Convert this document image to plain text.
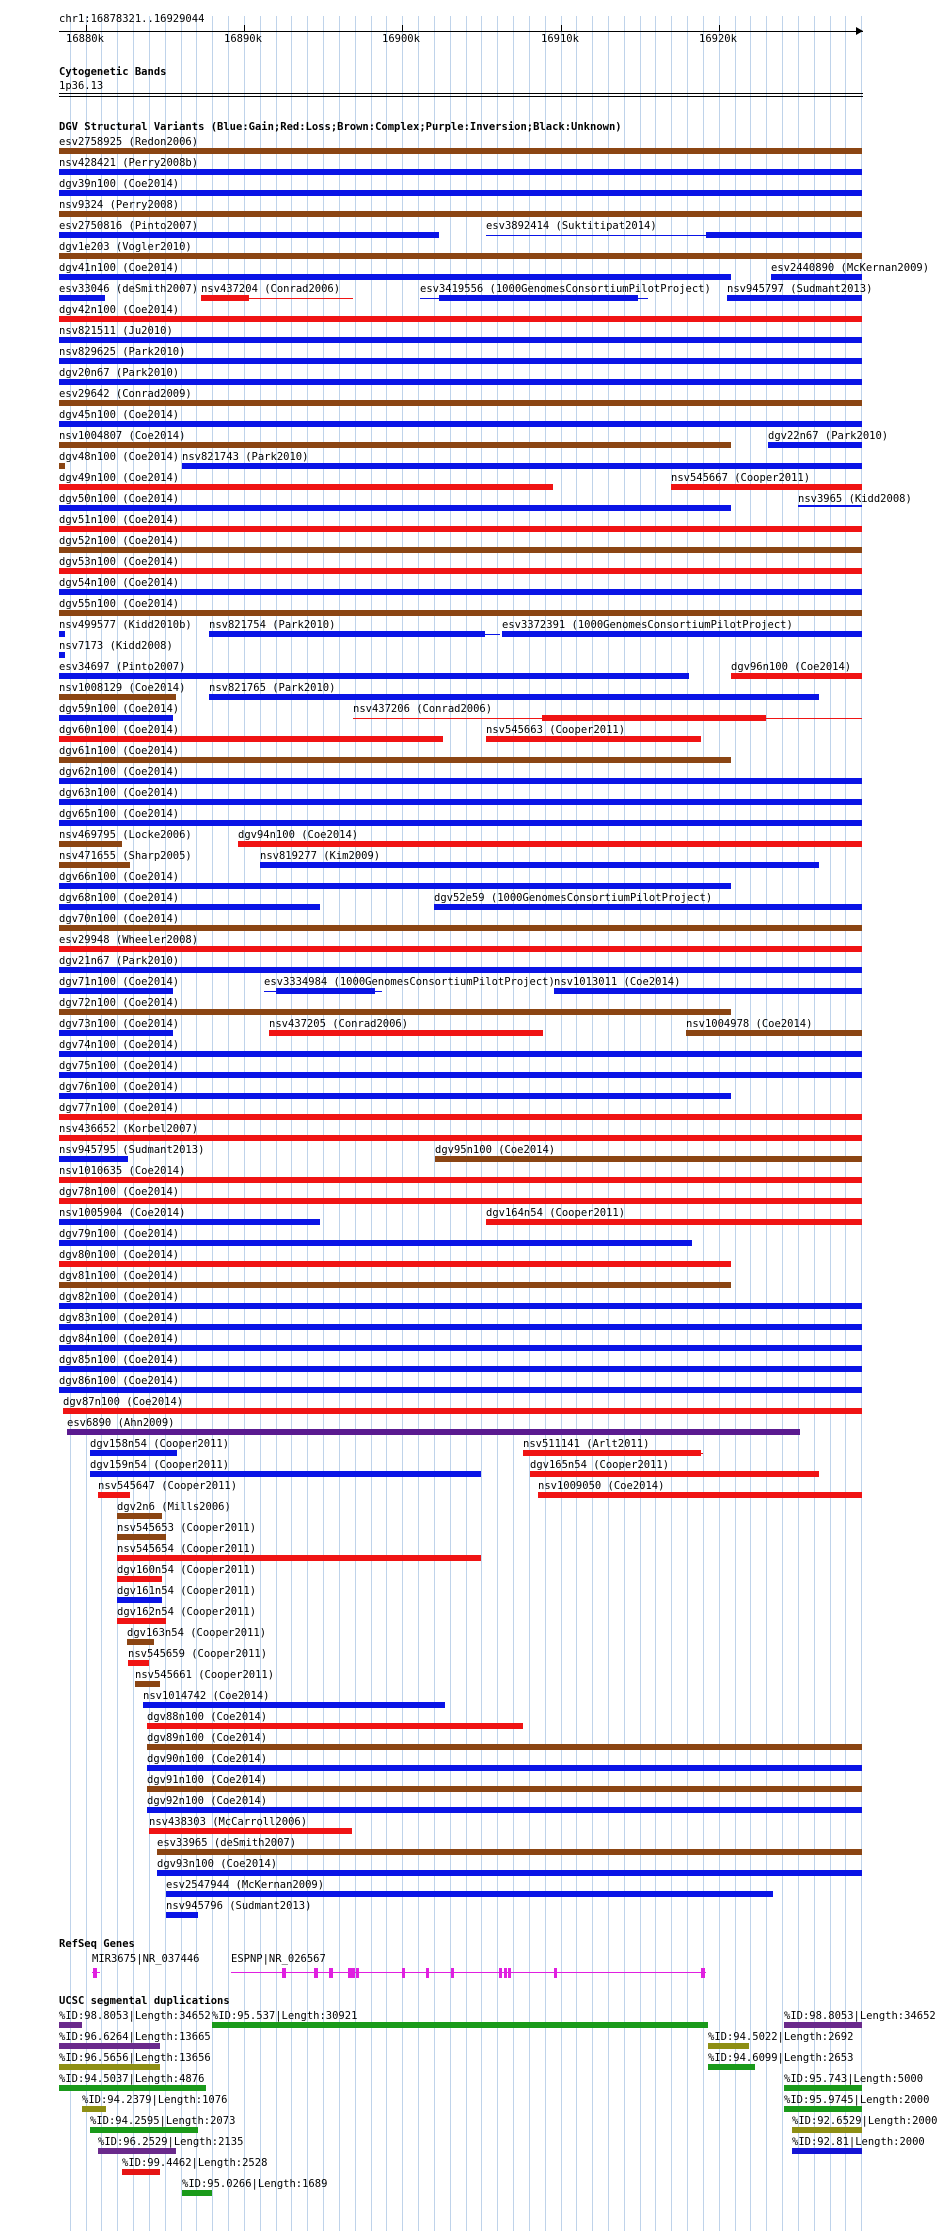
chr1:16878321..16929044
16880k	16890k	16900k	16910k	16920k
Cytogenetic Bands
1p36.13
DGV Structural Variants (Blue:Gain;Red:Loss;Brown:Complex;Purple:Inversion;Black:Unknown)
esv2758925 (Redon2006)
nsv428421 (Perry2008b)
dgv39n100 (Coe2014)
nsv9324 (Perry2008)
esv2750816 (Pinto2007)	esv3892414 (Suktitipat2014)
dgv1e203 (Vogler2010)
dgv41n100 (Coe2014)	esv2440890 (McKernan2009)
esv33046 (deSmith2007) nsv437204 (Conrad2006)	esv3419556 (1000GenomesConsortiumPilotProject) nsv945797 (Sudmant2013)
dgv42n100 (Coe2014)
nsv821511 (Ju2010)
nsv829625 (Park2010)
dgv20n67 (Park2010)
esv29642 (Conrad2009)
dgv45n100 (Coe2014)
nsv1004807 (Coe2014)	dgv22n67 (Park2010)
dgv48n100 (Coe2014) nsv821743 (Park2010)
dgv49n100 (Coe2014)	nsv545667 (Cooper2011)
dgv50n100 (Coe2014)	nsv3965 (Kidd2008)
dgv51n100 (Coe2014)
dgv52n100 (Coe2014)
dgv53n100 (Coe2014)
dgv54n100 (Coe2014)
dgv55n100 (Coe2014)
nsv499577 (Kidd2010b) nsv821754 (Park2010)	esv3372391 (1000GenomesConsortiumPilotProject)
nsv7173 (Kidd2008)
esv34697 (Pinto2007)	dgv96n100 (Coe2014)
nsv1008129 (Coe2014) nsv821765 (Park2010)
dgv59n100 (Coe2014)	nsv437206 (Conrad2006)
dgv60n100 (Coe2014)	nsv545663 (Cooper2011)
dgv61n100 (Coe2014)
dgv62n100 (Coe2014)
dgv63n100 (Coe2014)
dgv65n100 (Coe2014)
nsv469795 (Locke2006)	dgv94n100 (Coe2014)
nsv471655 (Sharp2005)	nsv819277 (Kim2009)
dgv66n100 (Coe2014)
dgv68n100 (Coe2014)	dgv52e59 (1000GenomesConsortiumPilotProject)
dgv70n100 (Coe2014)
esv29948 (Wheeler2008)
dgv21n67 (Park2010)
dgv71n100 (Coe2014)	esv3334984 (1000GenomesConsortiumPilotProject) nsv1013011 (Coe2014)
dgv72n100 (Coe2014)
dgv73n100 (Coe2014)	nsv437205 (Conrad2006)	nsv1004978 (Coe2014)
dgv74n100 (Coe2014)
dgv75n100 (Coe2014)
dgv76n100 (Coe2014)
dgv77n100 (Coe2014)
nsv436652 (Korbel2007)
nsv945795 (Sudmant2013)	dgv95n100 (Coe2014)
nsv1010635 (Coe2014)
dgv78n100 (Coe2014)
nsv1005904 (Coe2014)	dgv164n54 (Cooper2011)
dgv79n100 (Coe2014)
dgv80n100 (Coe2014)
dgv81n100 (Coe2014)
dgv82n100 (Coe2014)
dgv83n100 (Coe2014)
dgv84n100 (Coe2014)
dgv85n100 (Coe2014)
dgv86n100 (Coe2014)
dgv87n100 (Coe2014)
esv6890 (Ahn2009)
dgv158n54 (Cooper2011)	nsv511141 (Arlt2011)
dgv159n54 (Cooper2011)	dgv165n54 (Cooper2011)
nsv545647 (Cooper2011)	nsv1009050 (Coe2014)
dgv2n6 (Mills2006)
nsv545653 (Cooper2011)
nsv545654 (Cooper2011)
dgv160n54 (Cooper2011)
dgv161n54 (Cooper2011)
dgv162n54 (Cooper2011)
dgv163n54 (Cooper2011)
nsv545659 (Cooper2011)
nsv545661 (Cooper2011)
nsv1014742 (Coe2014)
dgv88n100 (Coe2014)
dgv89n100 (Coe2014)
dgv90n100 (Coe2014)
dgv91n100 (Coe2014)
dgv92n100 (Coe2014)
nsv438303 (McCarroll2006)
esv33965 (deSmith2007)
dgv93n100 (Coe2014)
esv2547944 (McKernan2009)
nsv945796 (Sudmant2013)
RefSeq Genes
MIR3675|NR_037446	ESPNP|NR_026567
UCSC segmental duplications
%ID:98.8053|Length:34652 %ID:95.537|Length:30921	%ID:98.8053|Length:34652
%ID:96.6264|Length:13665	%ID:94.5022|Length:2692
%ID:96.5656|Length:13656	%ID:94.6099|Length:2653
%ID:94.5037|Length:4876	%ID:95.743|Length:5000
%ID:94.2379|Length:1076	%ID:95.9745|Length:2000
%ID:94.2595|Length:2073	%ID:92.6529|Length:2000
%ID:96.2529|Length:2135	%ID:92.81|Length:2000
%ID:99.4462|Length:2528
%ID:95.0266|Length:1689
